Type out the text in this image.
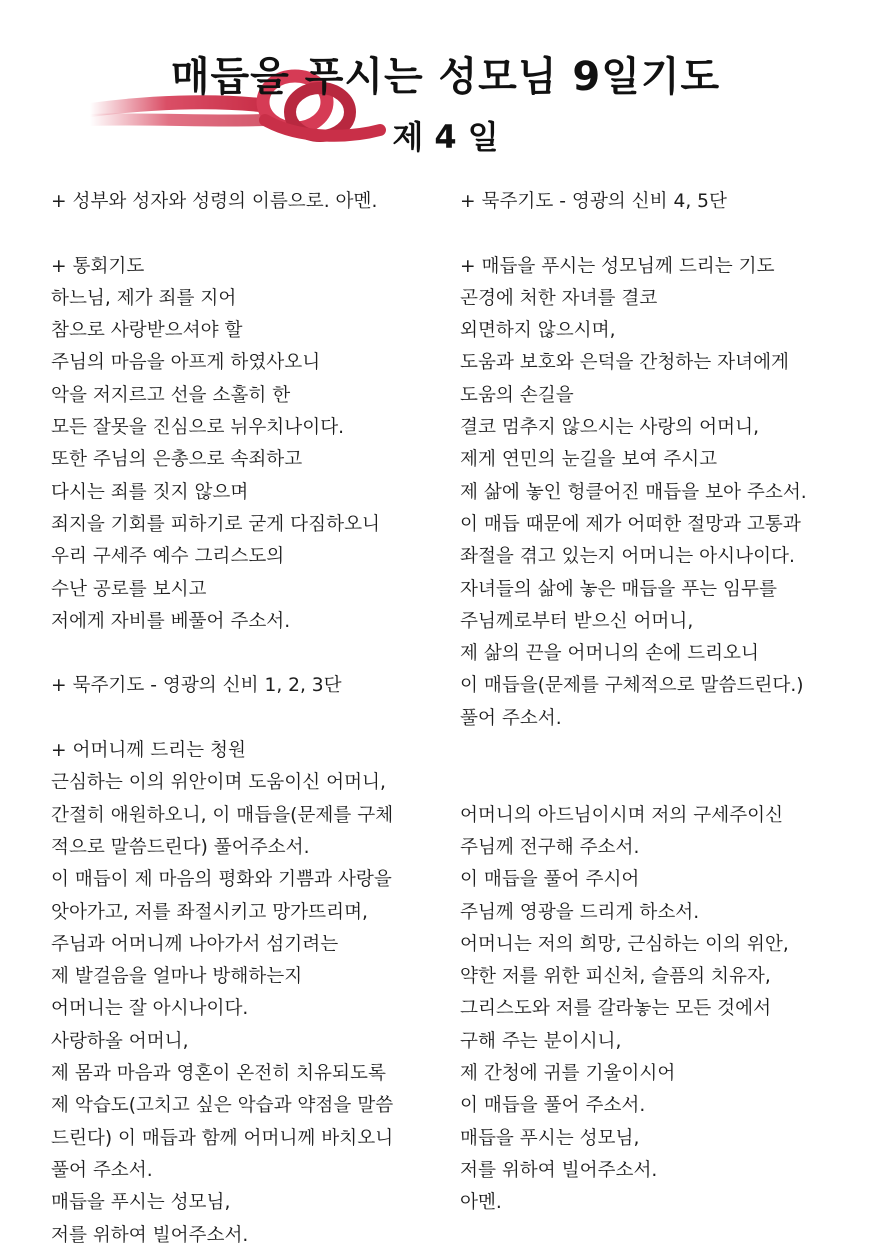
매듭을 푸시는 성모님 9일기도
제 4 일
+ 성부와 성자와 성령의 이름으로. 아멘.
+ 통회기도
하느님, 제가 죄를 지어
참으로 사랑받으셔야 할
주님의 마음을 아프게 하였사오니
악을 저지르고 선을 소홀히 한
모든 잘못을 진심으로 뉘우치나이다.
또한 주님의 은총으로 속죄하고
다시는 죄를 짓지 않으며
죄지을 기회를 피하기로 굳게 다짐하오니
우리 구세주 예수 그리스도의
수난 공로를 보시고
저에게 자비를 베풀어 주소서.
+ 묵주기도 - 영광의 신비 1, 2, 3단
+ 어머니께 드리는 청원
근심하는 이의 위안이며 도움이신 어머니,
간절히 애원하오니, 이 매듭을(문제를 구체
적으로 말씀드린다) 풀어주소서.
이 매듭이 제 마음의 평화와 기쁨과 사랑을
앗아가고, 저를 좌절시키고 망가뜨리며,
주님과 어머니께 나아가서 섬기려는
제 발걸음을 얼마나 방해하는지
어머니는 잘 아시나이다.
사랑하올 어머니,
제 몸과 마음과 영혼이 온전히 치유되도록
제 악습도(고치고 싶은 악습과 약점을 말씀
드린다) 이 매듭과 함께 어머니께 바치오니
풀어 주소서.
매듭을 푸시는 성모님,
저를 위하여 빌어주소서.
+ 묵주기도 - 영광의 신비 4, 5단
+ 매듭을 푸시는 성모님께 드리는 기도
곤경에 처한 자녀를 결코
외면하지 않으시며,
도움과 보호와 은덕을 간청하는 자녀에게
도움의 손길을
결코 멈추지 않으시는 사랑의 어머니,
제게 연민의 눈길을 보여 주시고
제 삶에 놓인 헝클어진 매듭을 보아 주소서.
이 매듭 때문에 제가 어떠한 절망과 고통과
좌절을 겪고 있는지 어머니는 아시나이다.
자녀들의 삶에 놓은 매듭을 푸는 임무를
주님께로부터 받으신 어머니,
제 삶의 끈을 어머니의 손에 드리오니
이 매듭을(문제를 구체적으로 말씀드린다.)
풀어 주소서.
어머니의 아드님이시며 저의 구세주이신
주님께 전구해 주소서.
이 매듭을 풀어 주시어
주님께 영광을 드리게 하소서.
어머니는 저의 희망, 근심하는 이의 위안,
약한 저를 위한 피신처, 슬픔의 치유자,
그리스도와 저를 갈라놓는 모든 것에서
구해 주는 분이시니,
제 간청에 귀를 기울이시어
이 매듭을 풀어 주소서.
매듭을 푸시는 성모님,
저를 위하여 빌어주소서.
아멘.
